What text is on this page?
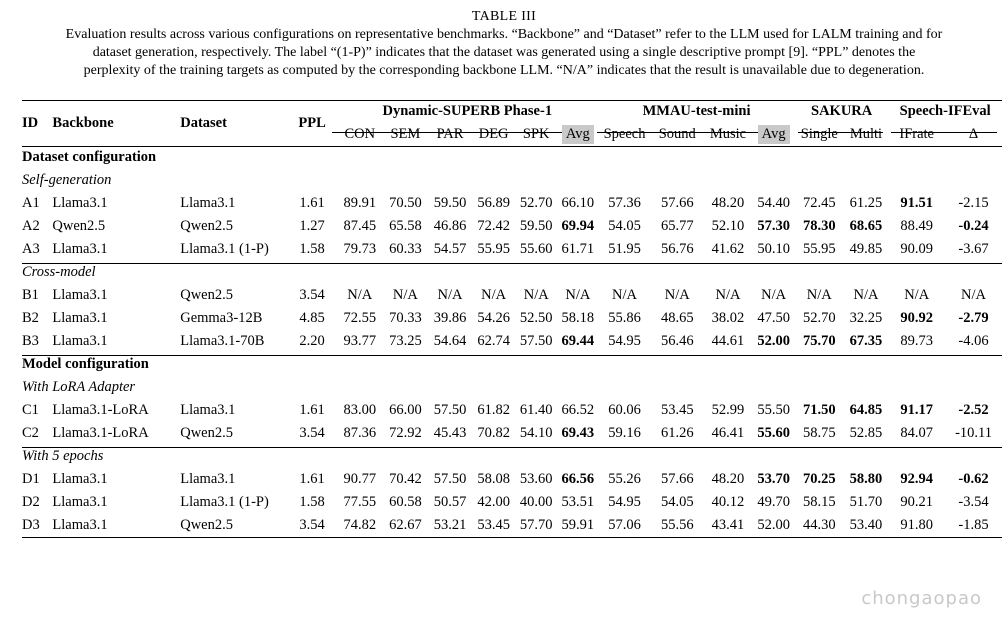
TABLE III
Evaluation results across various configurations on representative benchmarks. “Backbone” and “Dataset” refer to the LLM used for LALM training and for
dataset generation, respectively. The label “(1-P)” indicates that the dataset was generated using a single descriptive prompt [9]. “PPL” denotes the
perplexity of the training targets as computed by the corresponding backbone LLM. “N/A” indicates that the result is unavailable due to degeneration.
ID	Backbone	Dataset	PPL	Dynamic-SUPERB Phase-1						MMAU-test-mini				SAKURA		Speech-IFEval	
				CON	SEM	PAR	DEG	SPK	Avg	Speech	Sound	Music	Avg	Single	Multi	IFrate	Δ
Dataset configuration																	
Self-generation																	
A1	Llama3.1	Llama3.1	1.61	89.91	70.50	59.50	56.89	52.70	66.10	57.36	57.66	48.20	54.40	72.45	61.25	91.51	-2.15
A2	Qwen2.5	Qwen2.5	1.27	87.45	65.58	46.86	72.42	59.50	69.94	54.05	65.77	52.10	57.30	78.30	68.65	88.49	-0.24
A3	Llama3.1	Llama3.1 (1-P)	1.58	79.73	60.33	54.57	55.95	55.60	61.71	51.95	56.76	41.62	50.10	55.95	49.85	90.09	-3.67
Cross-model																	
B1	Llama3.1	Qwen2.5	3.54	N/A	N/A	N/A	N/A	N/A	N/A	N/A	N/A	N/A	N/A	N/A	N/A	N/A	N/A
B2	Llama3.1	Gemma3-12B	4.85	72.55	70.33	39.86	54.26	52.50	58.18	55.86	48.65	38.02	47.50	52.70	32.25	90.92	-2.79
B3	Llama3.1	Llama3.1-70B	2.20	93.77	73.25	54.64	62.74	57.50	69.44	54.95	56.46	44.61	52.00	75.70	67.35	89.73	-4.06
Model configuration																	
With LoRA Adapter																	
C1	Llama3.1-LoRA	Llama3.1	1.61	83.00	66.00	57.50	61.82	61.40	66.52	60.06	53.45	52.99	55.50	71.50	64.85	91.17	-2.52
C2	Llama3.1-LoRA	Qwen2.5	3.54	87.36	72.92	45.43	70.82	54.10	69.43	59.16	61.26	46.41	55.60	58.75	52.85	84.07	-10.11
With 5 epochs																	
D1	Llama3.1	Llama3.1	1.61	90.77	70.42	57.50	58.08	53.60	66.56	55.26	57.66	48.20	53.70	70.25	58.80	92.94	-0.62
D2	Llama3.1	Llama3.1 (1-P)	1.58	77.55	60.58	50.57	42.00	40.00	53.51	54.95	54.05	40.12	49.70	58.15	51.70	90.21	-3.54
D3	Llama3.1	Qwen2.5	3.54	74.82	62.67	53.21	53.45	57.70	59.91	57.06	55.56	43.41	52.00	44.30	53.40	91.80	-1.85
chongaopao
